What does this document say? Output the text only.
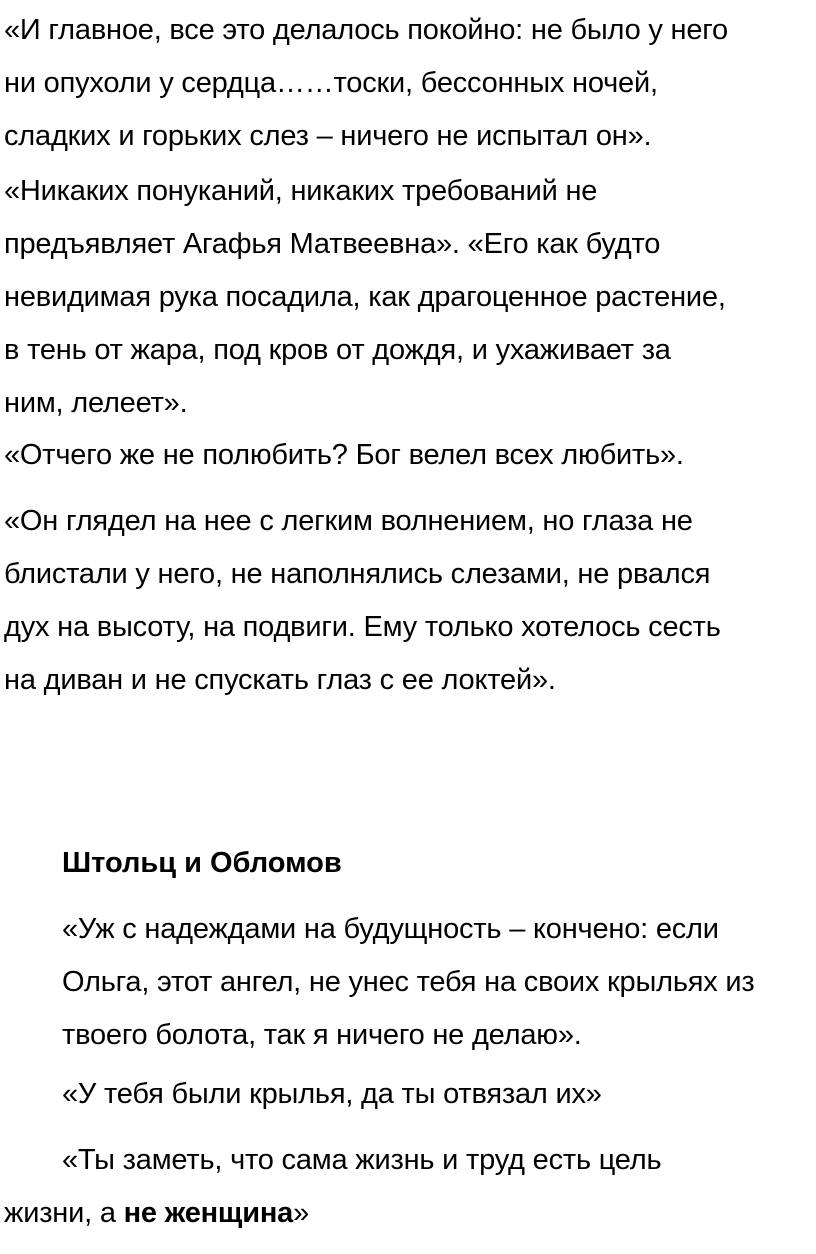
«И главное, все это делалось покойно: не было у него
ни опухоли у сердца……тоски, бессонных ночей,
сладких и горьких слез – ничего не испытал он».

«Никаких понуканий, никаких требований не
предъявляет Агафья Матвеевна». «Его как будто
невидимая рука посадила, как драгоценное растение,
в тень от жара, под кров от дождя, и ухаживает за
ним, лелеет».

«Отчего же не полюбить? Бог велел всех любить».

«Он глядел на нее с легким волнением, но глаза не
блистали у него, не наполнялись слезами, не рвался
дух на высоту, на подвиги. Ему только хотелось сесть
на диван и не спускать глаз с ее локтей».

Штольц и Обломов

«Уж с надеждами на будущность – кончено: если
Ольга, этот ангел, не унес тебя на своих крыльях из
твоего болота, так я ничего не делаю».

«У тебя были крылья, да ты отвязал их»

«Ты заметь, что сама жизнь и труд есть цель
жизни, а не женщина»
